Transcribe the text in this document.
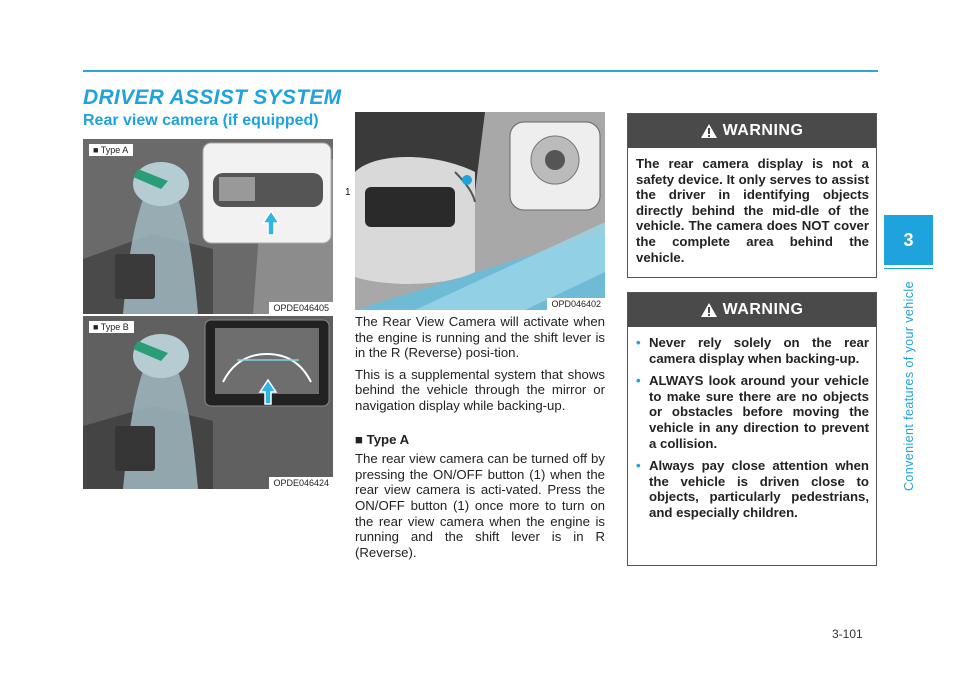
DRIVER ASSIST SYSTEM
Rear view camera (if equipped)
■ Type A
1
OPDE046405
■ Type B
OPDE046424
OPD046402

The Rear View Camera will activate when the engine is running and the shift lever is in the R (Reverse) posi-tion.

This is a supplemental system that shows behind the vehicle through the mirror or navigation display while backing-up.

■ Type A

The rear view camera can be turned off by pressing the ON/OFF button (1) when the rear view camera is acti-vated. Press the ON/OFF button (1) once more to turn on the rear view camera when the engine is running and the shift lever is in R (Reverse).

WARNING
The rear camera display is not a safety device. It only serves to assist the driver in identifying objects directly behind the mid-dle of the vehicle. The camera does NOT cover the complete area behind the vehicle.
WARNING
• Never rely solely on the rear camera display when backing-up.
• ALWAYS look around your vehicle to make sure there are no objects or obstacles before moving the vehicle in any direction to prevent a collision.
• Always pay close attention when the vehicle is driven close to objects, particularly pedestrians, and especially children.
3
Convenient features of your vehicle
3-101
